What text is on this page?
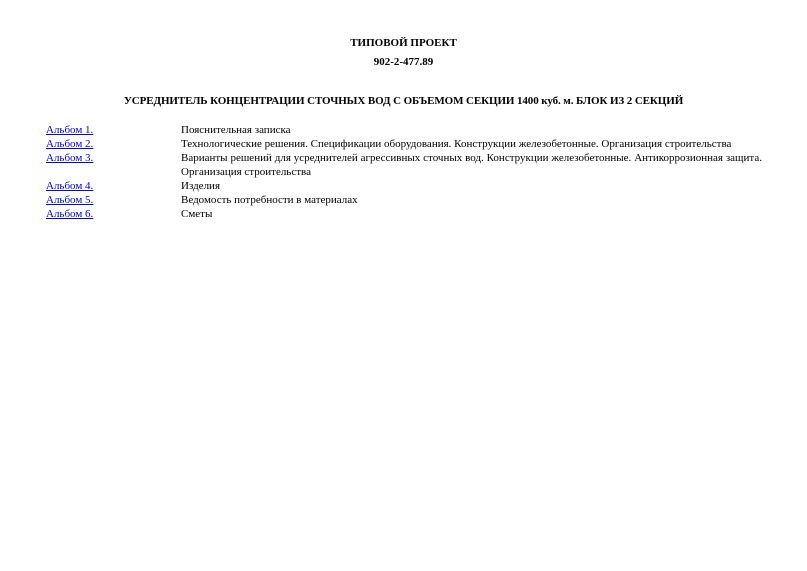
ТИПОВОЙ ПРОЕКТ
902-2-477.89
УСРЕДНИТЕЛЬ КОНЦЕНТРАЦИИ СТОЧНЫХ ВОД С ОБЪЕМОМ СЕКЦИИ 1400 куб. м. БЛОК ИЗ 2 СЕКЦИЙ
Альбом 1.	Пояснительная записка
Альбом 2.	Технологические решения. Спецификации оборудования. Конструкции железобетонные. Организация строительства
Альбом 3.	Варианты решений для усреднителей агрессивных сточных вод. Конструкции железобетонные. Антикоррозионная защита. Организация строительства
Альбом 4.	Изделия
Альбом 5.	Ведомость потребности в материалах
Альбом 6.	Сметы
